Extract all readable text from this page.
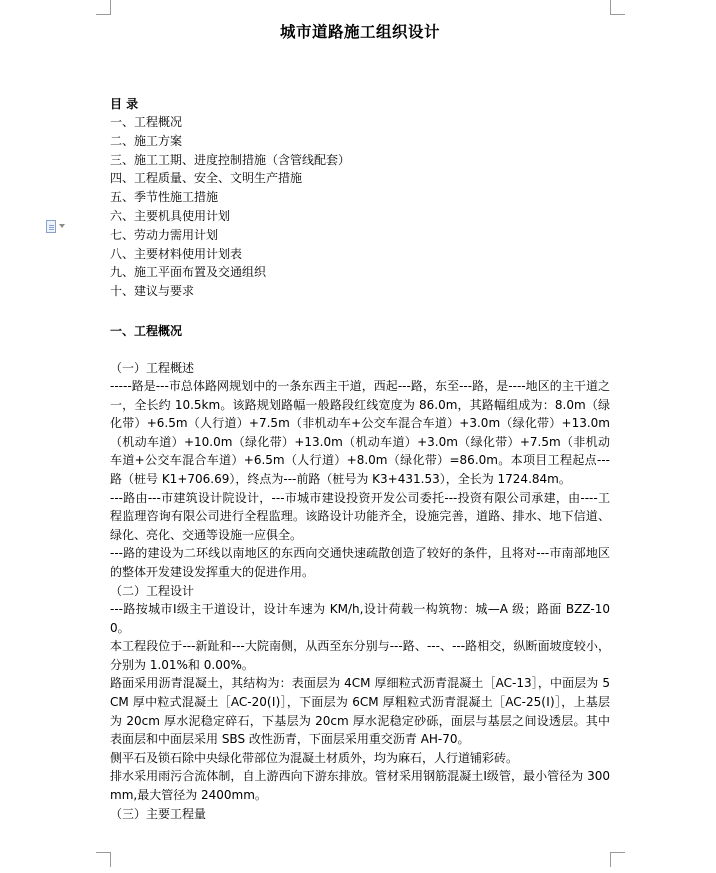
城市道路施工组织设计
目 录
一、工程概况
二、施工方案
三、施工工期、进度控制措施（含管线配套）
四、工程质量、安全、文明生产措施
五、季节性施工措施
六、主要机具使用计划
七、劳动力需用计划
八、主要材料使用计划表
九、施工平面布置及交通组织
十、建议与要求
一、工程概况
（一）工程概述

-----路是---市总体路网规划中的一条东西主干道，西起---路，东至---路，是----地区的主干道之一，全长约 10.5km。该路规划路幅一般路段红线宽度为 86.0m，其路幅组成为：8.0m（绿化带）+6.5m（人行道）+7.5m（非机动车+公交车混合车道）+3.0m（绿化带）+13.0m（机动车道）+10.0m（绿化带）+13.0m（机动车道）+3.0m（绿化带）+7.5m（非机动车道+公交车混合车道）+6.5m（人行道）+8.0m（绿化带）=86.0m。本项目工程起点---路（桩号 K1+706.69），终点为---前路（桩号为 K3+431.53），全长为 1724.84m。

---路由---市建筑设计院设计，---市城市建设投资开发公司委托---投资有限公司承建，由----工程监理咨询有限公司进行全程监理。该路设计功能齐全，设施完善，道路、排水、地下信道、绿化、亮化、交通等设施一应俱全。

---路的建设为二环线以南地区的东西向交通快速疏散创造了较好的条件，且将对---市南部地区的整体开发建设发挥重大的促进作用。

（二）工程设计

---路按城市Ⅰ级主干道设计，设计车速为 KM/h,设计荷载一构筑物：城—A 级；路面 BZZ-100。

本工程段位于---新趾和---大院南侧，从西至东分别与---路、---、---路相交，纵断面坡度较小，分别为 1.01%和 0.00%。

路面采用沥青混凝土，其结构为：表面层为 4CM 厚细粒式沥青混凝土［AC-13］，中面层为 5CM 厚中粒式混凝土［AC-20(Ⅰ)］，下面层为 6CM 厚粗粒式沥青混凝土［AC-25(Ⅰ)］，上基层为 20cm 厚水泥稳定碎石，下基层为 20cm 厚水泥稳定砂砾，面层与基层之间设透层。其中表面层和中面层采用 SBS 改性沥青，下面层采用重交沥青 AH-70。

侧平石及锁石除中央绿化带部位为混凝土材质外，均为麻石，人行道铺彩砖。

排水采用雨污合流体制，自上游西向下游东排放。管材采用钢筋混凝土Ⅰ级管，最小管径为 300mm,最大管径为 2400mm。

（三）主要工程量
